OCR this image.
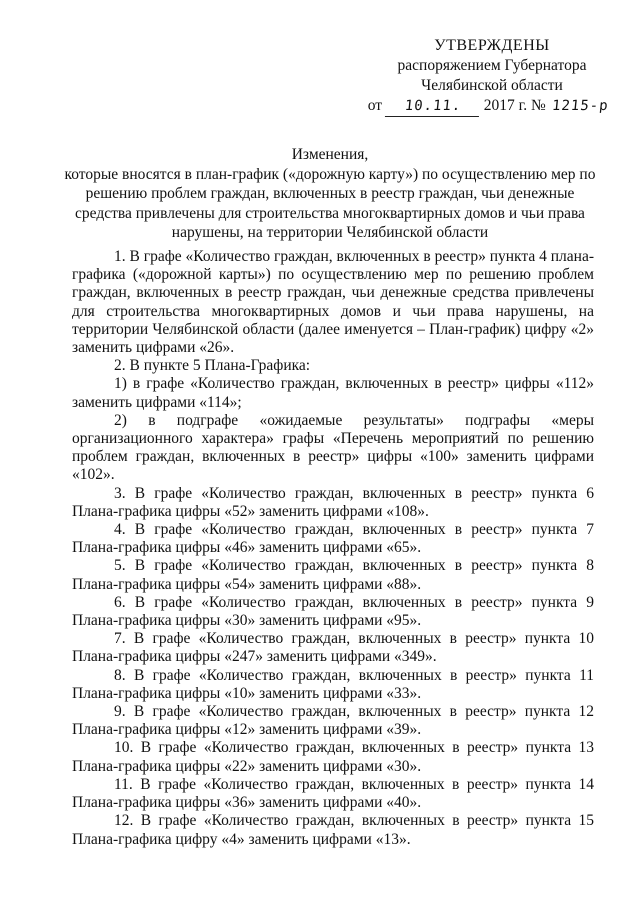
УТВЕРЖДЕНЫ
распоряжением Губернатора
Челябинской области
от 10.11. 2017 г. № 1215-р
Изменения,
которые вносятся в план-график («дорожную карту») по осуществлению мер по
решению проблем граждан, включенных в реестр граждан, чьи денежные
средства привлечены для строительства многоквартирных домов и чьи права
нарушены, на территории Челябинской области

1. В графе «Количество граждан, включенных в реестр» пункта 4 плана-графика («дорожной карты») по осуществлению мер по решению проблем граждан, включенных в реестр граждан, чьи денежные средства привлечены для строительства многоквартирных домов и чьи права нарушены, на территории Челябинской области (далее именуется – План-график) цифру «2» заменить цифрами «26».

2. В пункте 5 Плана-Графика:

1) в графе «Количество граждан, включенных в реестр» цифры «112» заменить цифрами «114»;

2) в подграфе «ожидаемые результаты» подграфы «меры организационного характера» графы «Перечень мероприятий по решению проблем граждан, включенных в реестр» цифры «100» заменить цифрами «102».

3. В графе «Количество граждан, включенных в реестр» пункта 6 Плана-графика цифры «52» заменить цифрами «108».

4. В графе «Количество граждан, включенных в реестр» пункта 7 Плана-графика цифры «46» заменить цифрами «65».

5. В графе «Количество граждан, включенных в реестр» пункта 8 Плана-графика цифры «54» заменить цифрами «88».

6. В графе «Количество граждан, включенных в реестр» пункта 9 Плана-графика цифры «30» заменить цифрами «95».

7. В графе «Количество граждан, включенных в реестр» пункта 10 Плана-графика цифры «247» заменить цифрами «349».

8. В графе «Количество граждан, включенных в реестр» пункта 11 Плана-графика цифры «10» заменить цифрами «33».

9. В графе «Количество граждан, включенных в реестр» пункта 12 Плана-графика цифры «12» заменить цифрами «39».

10. В графе «Количество граждан, включенных в реестр» пункта 13 Плана-графика цифры «22» заменить цифрами «30».

11. В графе «Количество граждан, включенных в реестр» пункта 14 Плана-графика цифры «36» заменить цифрами «40».

12. В графе «Количество граждан, включенных в реестр» пункта 15 Плана-графика цифру «4» заменить цифрами «13».
